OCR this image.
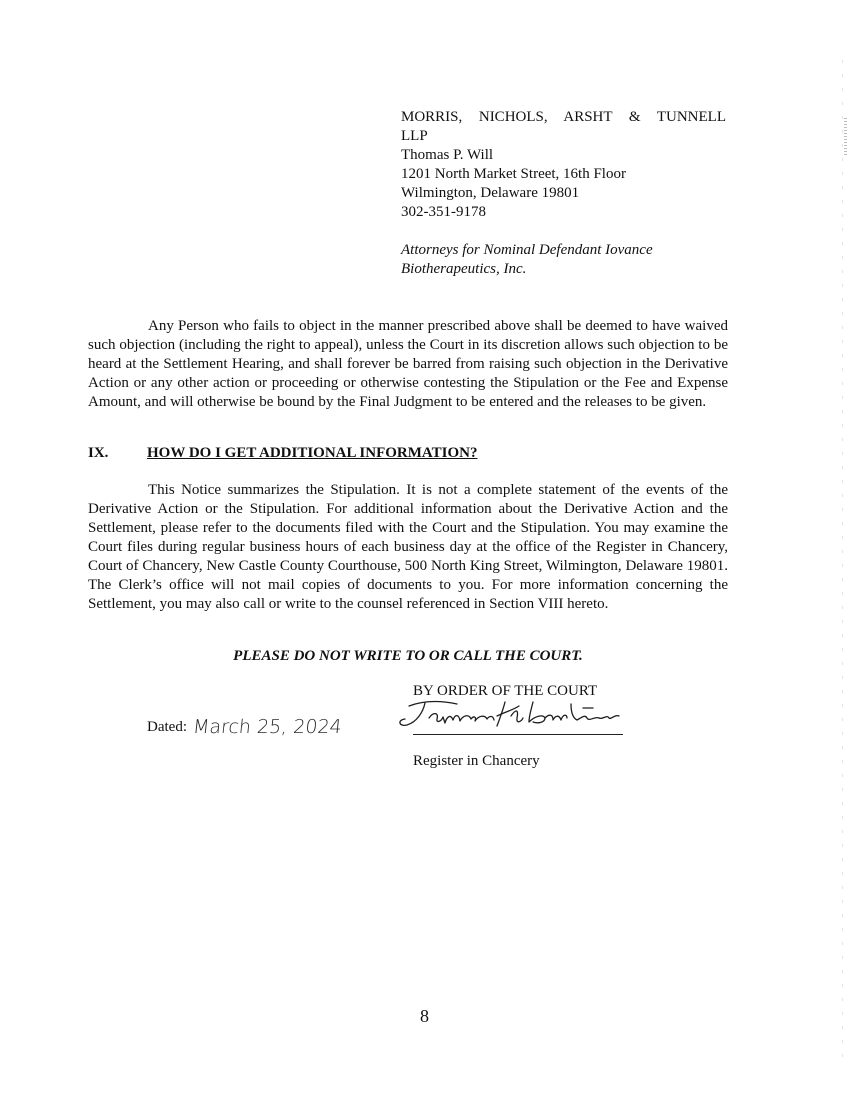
MORRIS, NICHOLS, ARSHT & TUNNELL
LLP
Thomas P. Will
1201 North Market Street, 16th Floor
Wilmington, Delaware 19801
302-351-9178
Attorneys for Nominal Defendant Iovance
Biotherapeutics, Inc.

Any Person who fails to object in the manner prescribed above shall be deemed to have waived such objection (including the right to appeal), unless the Court in its discretion allows such objection to be heard at the Settlement Hearing, and shall forever be barred from raising such objection in the Derivative Action or any other action or proceeding or otherwise contesting the Stipulation or the Fee and Expense Amount, and will otherwise be bound by the Final Judgment to be entered and the releases to be given.

IX.	HOW DO I GET ADDITIONAL INFORMATION?

This Notice summarizes the Stipulation. It is not a complete statement of the events of the Derivative Action or the Stipulation. For additional information about the Derivative Action and the Settlement, please refer to the documents filed with the Court and the Stipulation. You may examine the Court files during regular business hours of each business day at the office of the Register in Chancery, Court of Chancery, New Castle County Courthouse, 500 North King Street, Wilmington, Delaware 19801. The Clerk’s office will not mail copies of documents to you. For more information concerning the Settlement, you may also call or write to the counsel referenced in Section VIII hereto.

PLEASE DO NOT WRITE TO OR CALL THE COURT.
BY ORDER OF THE COURT
Register in Chancery
Dated: March 25, 2024
8
